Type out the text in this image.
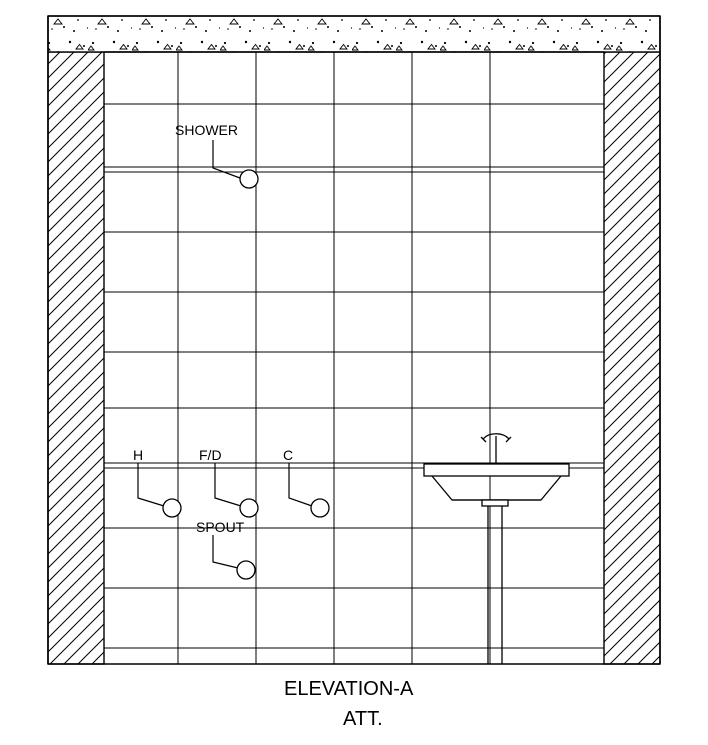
SHOWER
H	F/D	C
SPOUT
ELEVATION-A
ATT.
